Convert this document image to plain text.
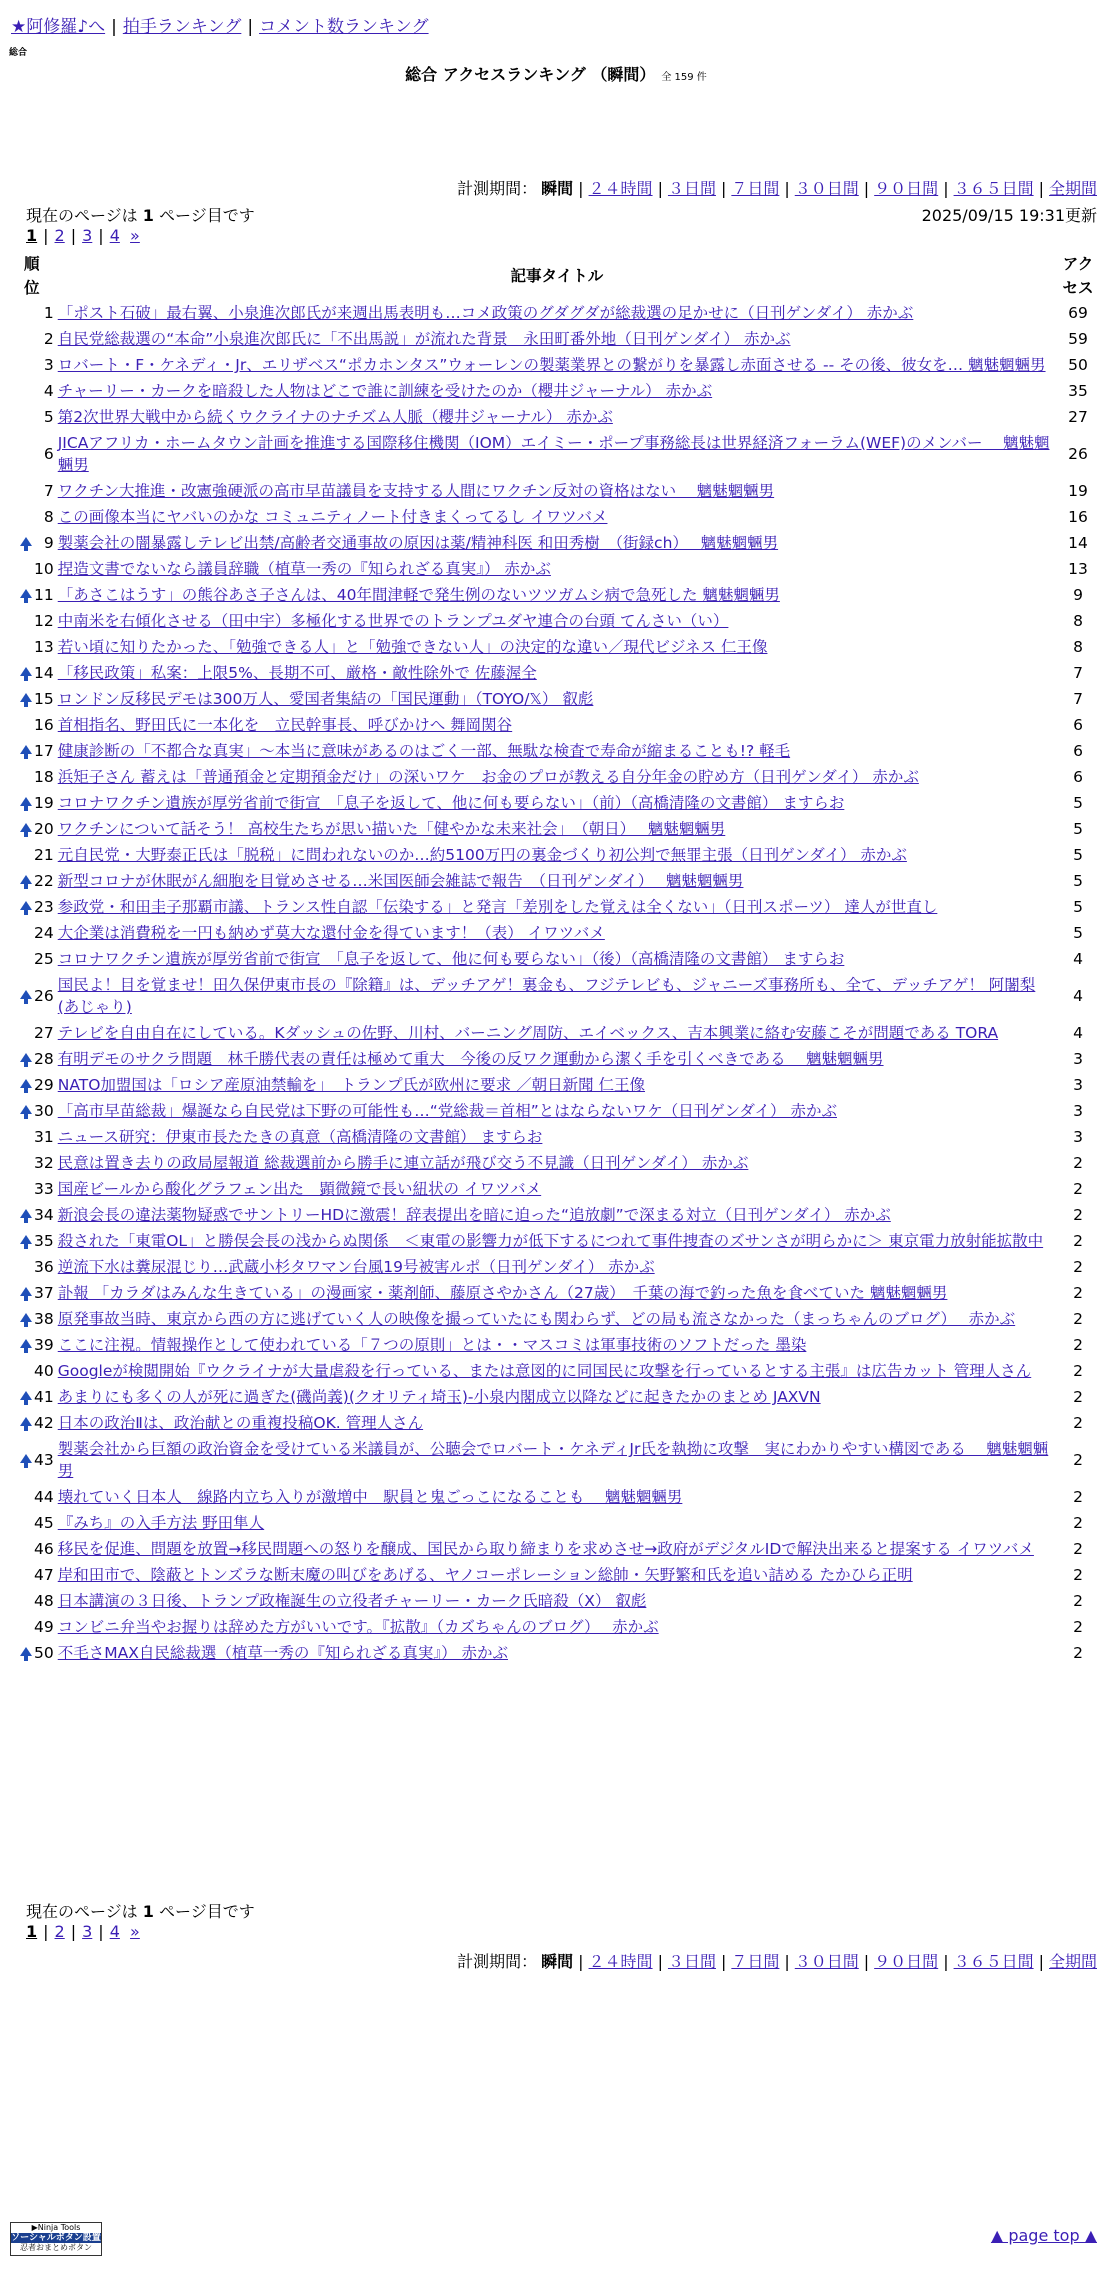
★阿修羅♪へ | 拍手ランキング | コメント数ランキング
総合
総合 アクセスランキング （瞬間） 全 159 件
計測期間： 瞬間 | ２４時間 | ３日間 | ７日間 | ３０日間 | ９０日間 | ３６５日間 | 全期間
現在のページは 1 ページ目です	2025/09/15 19:31更新
1 | 2 | 3 | 4 »
順位		記事タイトル	アクセス
	1	「ポスト石破」最右翼、小泉進次郎氏が来週出馬表明も…コメ政策のグダグダが総裁選の足かせに（日刊ゲンダイ） 赤かぶ	69
	2	自民党総裁選の“本命”小泉進次郎氏に「不出馬説」が流れた背景　永田町番外地（日刊ゲンダイ） 赤かぶ	59
	3	ロバート・F・ケネディ・Jr、エリザベス“ポカホンタス”ウォーレンの製薬業界との繋がりを暴露し赤面させる -- その後、彼女を… 魑魅魍魎男	50
	4	チャーリー・カークを暗殺した人物はどこで誰に訓練を受けたのか（櫻井ジャーナル） 赤かぶ	35
	5	第2次世界大戦中から続くウクライナのナチズム人脈（櫻井ジャーナル） 赤かぶ	27
	6	JICAアフリカ・ホームタウン計画を推進する国際移住機関（IOM）エイミー・ポープ事務総長は世界経済フォーラム(WEF)のメンバー　 魑魅魍魎男	26
	7	ワクチン大推進・改憲強硬派の高市早苗議員を支持する人間にワクチン反対の資格はない　 魑魅魍魎男	19
	8	この画像本当にヤバいのかな コミュニティノート付きまくってるし イワツバメ	16
	9	製薬会社の闇暴露しテレビ出禁/高齢者交通事故の原因は薬/精神科医 和田秀樹　（街録ch）　 魑魅魍魎男	14
	10	捏造文書でないなら議員辞職（植草一秀の『知られざる真実』） 赤かぶ	13
	11	「あさこはうす」の熊谷あさ子さんは、40年間津軽で発生例のないツツガムシ病で急死した 魑魅魍魎男	9
	12	中南米を右傾化させる（田中宇）多極化する世界でのトランプユダヤ連合の台頭 てんさい（い）	8
	13	若い頃に知りたかった、「勉強できる人」と「勉強できない人」の決定的な違い／現代ビジネス 仁王像	8
	14	「移民政策」私案：上限5%、長期不可、厳格・敵性除外で 佐藤渥全	7
	15	ロンドン反移民デモは300万人、愛国者集結の「国民運動」（TOYO/𝕏） 叡彪	7
	16	首相指名、野田氏に一本化を　立民幹事長、呼びかけへ 舞岡関谷	6
	17	健康診断の「不都合な真実」～本当に意味があるのはごく一部、無駄な検査で寿命が縮まることも!? 軽毛	6
	18	浜矩子さん 蓄えは「普通預金と定期預金だけ」の深いワケ　お金のプロが教える自分年金の貯め方（日刊ゲンダイ） 赤かぶ	6
	19	コロナワクチン遺族が厚労省前で街宣　「息子を返して、他に何も要らない」（前）（高橋清隆の文書館） ますらお	5
	20	ワクチンについて話そう！ 高校生たちが思い描いた「健やかな未来社会」　（朝日）　 魑魅魍魎男	5
	21	元自民党・大野泰正氏は「脱税」に問われないのか…約5100万円の裏金づくり初公判で無罪主張（日刊ゲンダイ） 赤かぶ	5
	22	新型コロナが休眠がん細胞を目覚めさせる…米国医師会雑誌で報告　（日刊ゲンダイ）　 魑魅魍魎男	5
	23	参政党・和田圭子那覇市議、トランス性自認「伝染する」と発言「差別をした覚えは全くない」（日刊スポーツ） 達人が世直し	5
	24	大企業は消費税を一円も納めず莫大な還付金を得ています！（表） イワツバメ	5
	25	コロナワクチン遺族が厚労省前で街宣　「息子を返して、他に何も要らない」（後）（高橋清隆の文書館） ますらお	4
	26	国民よ！目を覚ませ！田久保伊東市長の『除籍』は、デッチアゲ！裏金も、フジテレビも、ジャニーズ事務所も、全て、デッチアゲ！ 阿闍梨(あじゃり)	4
	27	テレビを自由自在にしている。Kダッシュの佐野、川村、バーニング周防、エイベックス、吉本興業に絡む安藤こそが問題である TORA	4
	28	有明デモのサクラ問題　林千勝代表の責任は極めて重大　今後の反ワク運動から潔く手を引くべきである　 魑魅魍魎男	3
	29	NATO加盟国は「ロシア産原油禁輸を」　トランプ氏が欧州に要求 ／朝日新聞 仁王像	3
	30	「高市早苗総裁」爆誕なら自民党は下野の可能性も…“党総裁＝首相”とはならないワケ（日刊ゲンダイ） 赤かぶ	3
	31	ニュース研究：伊東市長たたきの真意（高橋清隆の文書館） ますらお	3
	32	民意は置き去りの政局屋報道 総裁選前から勝手に連立話が飛び交う不見識（日刊ゲンダイ） 赤かぶ	2
	33	国産ビールから酸化グラフェン出た　顕微鏡で長い紐状の イワツバメ	2
	34	新浪会長の違法薬物疑惑でサントリーHDに激震！辞表提出を暗に迫った“追放劇”で深まる対立（日刊ゲンダイ） 赤かぶ	2
	35	殺された「東電OL」と勝俣会長の浅からぬ関係　＜東電の影響力が低下するにつれて事件捜査のズサンさが明らかに＞ 東京電力放射能拡散中	2
	36	逆流下水は糞尿混じり…武蔵小杉タワマン台風19号被害ルポ（日刊ゲンダイ） 赤かぶ	2
	37	訃報 「カラダはみんな生きている」の漫画家・薬剤師、藤原さやかさん（27歳）　千葉の海で釣った魚を食べていた 魑魅魍魎男	2
	38	原発事故当時、東京から西の方に逃げていく人の映像を撮っていたにも関わらず、どの局も流さなかった（まっちゃんのブログ）　 赤かぶ	2
	39	ここに注視。情報操作として使われている「７つの原則」とは・・マスコミは軍事技術のソフトだった 墨染	2
	40	Googleが検閲開始『ウクライナが大量虐殺を行っている、または意図的に同国民に攻撃を行っているとする主張』は広告カット 管理人さん	2
	41	あまりにも多くの人が死に過ぎた(磯尚義)(クオリティ埼玉)-小泉内閣成立以降などに起きたかのまとめ JAXVN	2
	42	日本の政治Ⅱは、政治献との重複投稿OK. 管理人さん	2
	43	製薬会社から巨額の政治資金を受けている米議員が、公聴会でロバート・ケネディJr氏を執拗に攻撃　実にわかりやすい構図である　 魑魅魍魎男	2
	44	壊れていく日本人　線路内立ち入りが激増中　駅員と鬼ごっこになることも　 魑魅魍魎男	2
	45	『みち』の入手方法 野田隼人	2
	46	移民を促進、問題を放置→移民問題への怒りを醸成、国民から取り締まりを求めさせ→政府がデジタルIDで解決出来ると提案する イワツバメ	2
	47	岸和田市で、陰蔽とトンズラな断末魔の叫びをあげる、ヤノコーポレーション総帥・矢野繁和氏を追い詰める たかひら正明	2
	48	日本講演の３日後、トランプ政権誕生の立役者チャーリー・カーク氏暗殺（X） 叡彪	2
	49	コンビニ弁当やお握りは辞めた方がいいです。『拡散』（カズちゃんのブログ）　 赤かぶ	2
	50	不毛さMAX自民総裁選（植草一秀の『知られざる真実』） 赤かぶ	2
現在のページは 1 ページ目です
1 | 2 | 3 | 4 »
計測期間： 瞬間 | ２４時間 | ３日間 | ７日間 | ３０日間 | ９０日間 | ３６５日間 | 全期間
▶Ninja Tools
ソーシャルボタン設置
忍者おまとめボタン
▲ page top ▲
